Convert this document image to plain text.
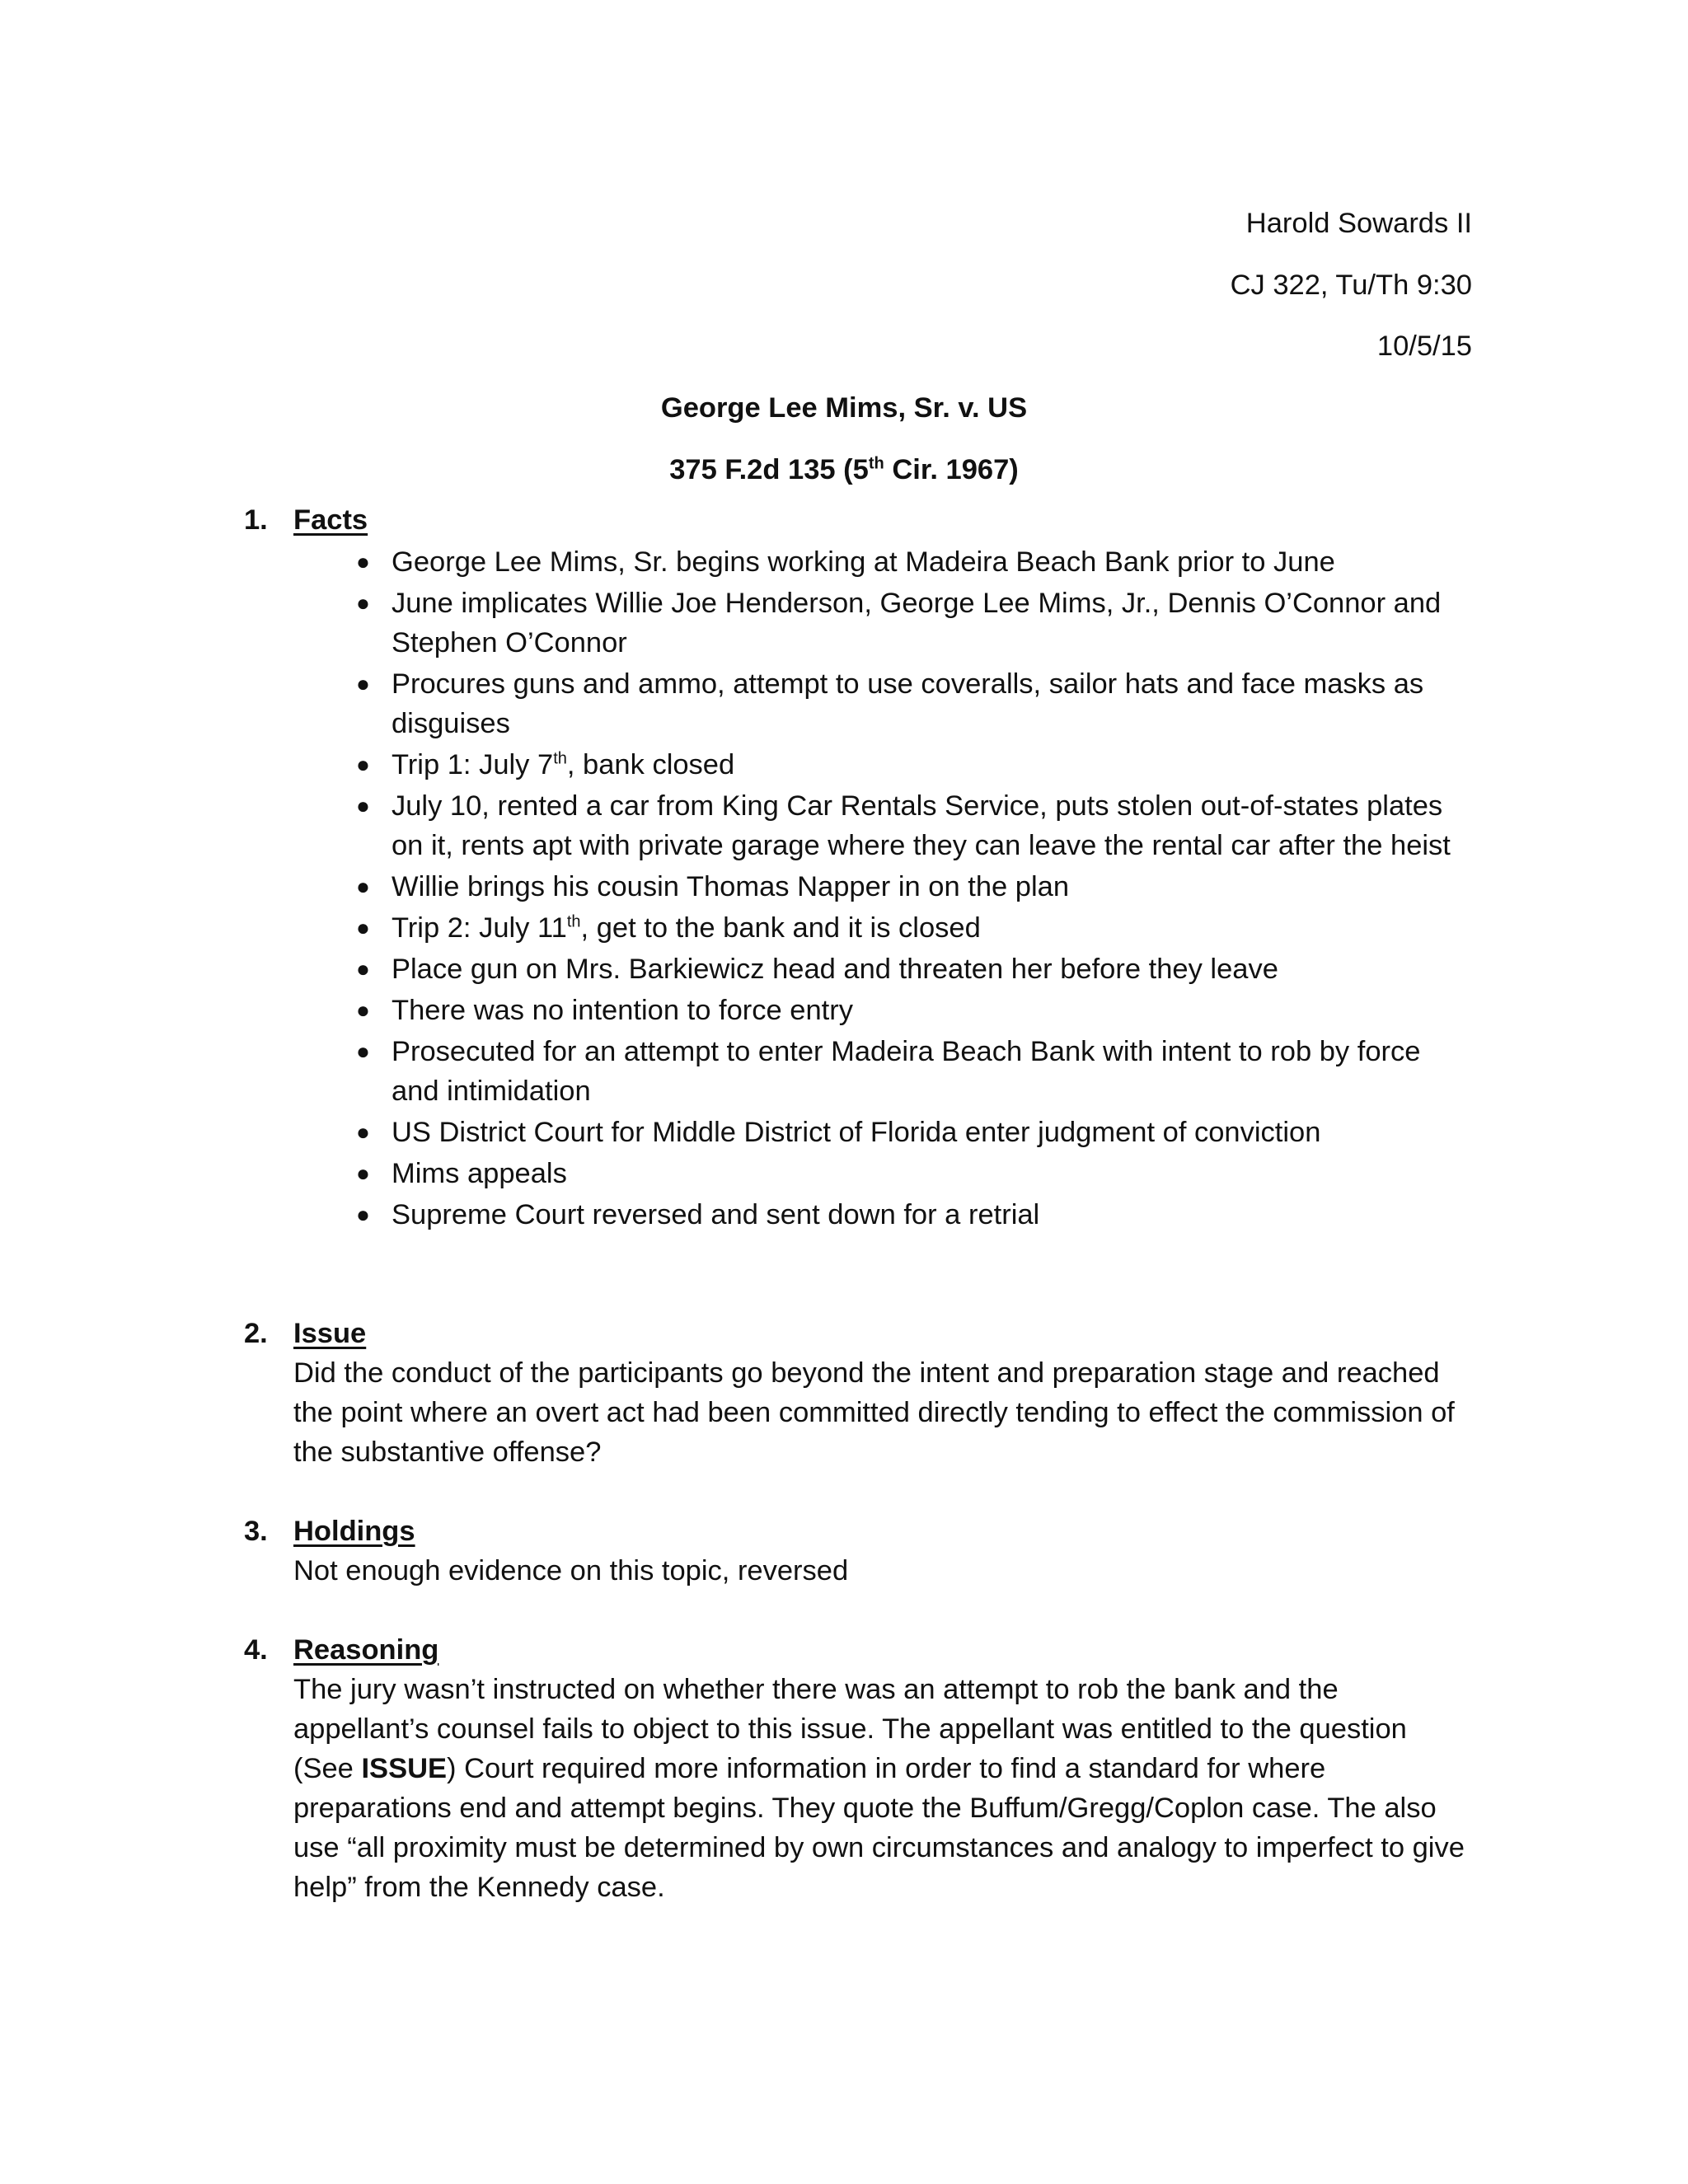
Harold Sowards II
CJ 322, Tu/Th 9:30
10/5/15
George Lee Mims, Sr. v. US
375 F.2d 135 (5th Cir. 1967)
1. Facts
● George Lee Mims, Sr. begins working at Madeira Beach Bank prior to June
● June implicates Willie Joe Henderson, George Lee Mims, Jr., Dennis O’Connor and Stephen O’Connor
● Procures guns and ammo, attempt to use coveralls, sailor hats and face masks as disguises
● Trip 1: July 7th, bank closed
● July 10, rented a car from King Car Rentals Service, puts stolen out-of-states plates on it, rents apt with private garage where they can leave the rental car after the heist
● Willie brings his cousin Thomas Napper in on the plan
● Trip 2: July 11th, get to the bank and it is closed
● Place gun on Mrs. Barkiewicz head and threaten her before they leave
● There was no intention to force entry
● Prosecuted for an attempt to enter Madeira Beach Bank with intent to rob by force and intimidation
● US District Court for Middle District of Florida enter judgment of conviction
● Mims appeals
● Supreme Court reversed and sent down for a retrial
2. Issue
Did the conduct of the participants go beyond the intent and preparation stage and reached the point where an overt act had been committed directly tending to effect the commission of the substantive offense?
3. Holdings
Not enough evidence on this topic, reversed
4. Reasoning
The jury wasn’t instructed on whether there was an attempt to rob the bank and the appellant’s counsel fails to object to this issue. The appellant was entitled to the question (See ISSUE) Court required more information in order to find a standard for where preparations end and attempt begins. They quote the Buffum/Gregg/Coplon case. The also use “all proximity must be determined by own circumstances and analogy to imperfect to give help” from the Kennedy case.
